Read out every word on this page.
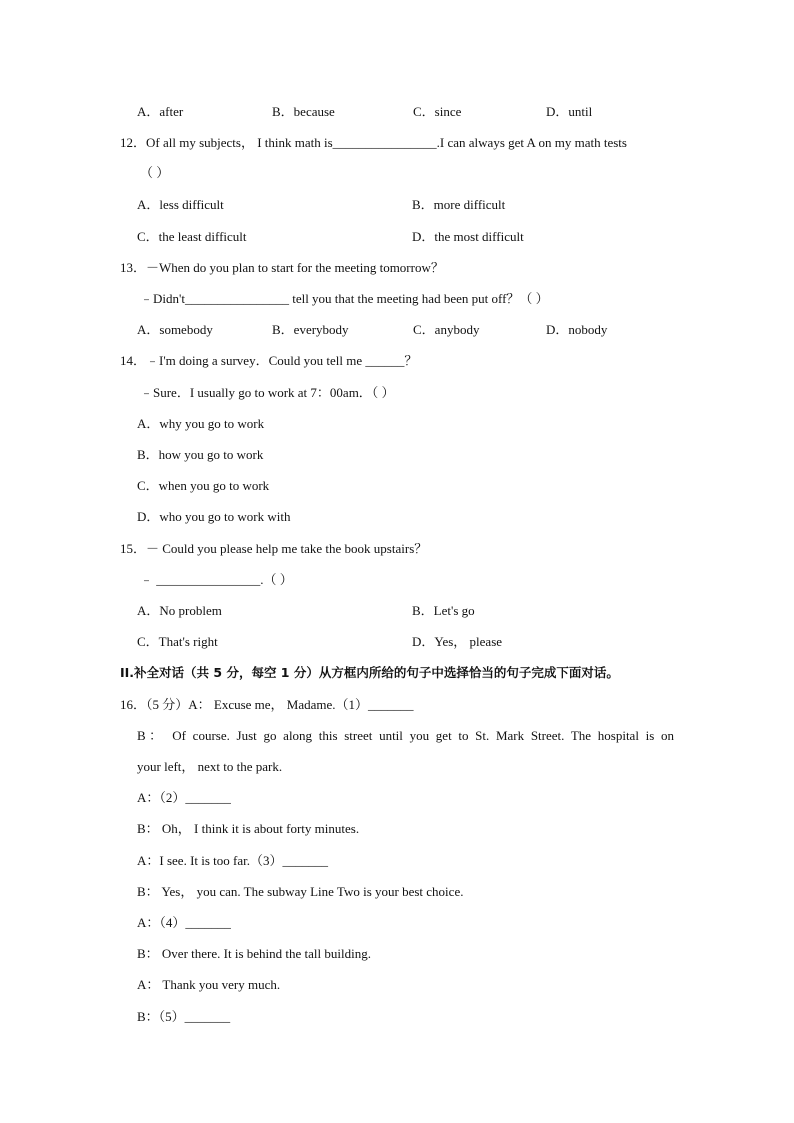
A．after	B．because	C．since	D．until
12．Of all my subjects， I think math is________________.I can always get A on my math tests
（ ）
A．less difficult	B．more difficult
C．the least difficult	D．the most difficult
13．－When do you plan to start for the meeting tomorrow？
﹣Didn't________________ tell you that the meeting had been put off？（ ）
A．somebody	B．everybody	C．anybody	D．nobody
14．﹣I'm doing a survey．Could you tell me ______？
﹣Sure．I usually go to work at 7：00am．（ ）
A．why you go to work
B．how you go to work
C．when you go to work
D．who you go to work with
15．－ Could you please help me take the book upstairs？
﹣ ________________.（ ）
A．No problem	B．Let's go
C．That's right	D．Yes， please
II.补全对话（共 5 分，每空 1 分）从方框内所给的句子中选择恰当的句子完成下面对话。
16．（5 分）A： Excuse me， Madame.（1）_______
B： Of course. Just go along this street until you get to St. Mark Street. The hospital is on
your left， next to the park.
A：（2）_______
B： Oh， I think it is about forty minutes.
A：I see. It is too far.（3）_______
B： Yes， you can. The subway Line Two is your best choice.
A：（4）_______
B： Over there. It is behind the tall building.
A： Thank you very much.
B：（5）_______
